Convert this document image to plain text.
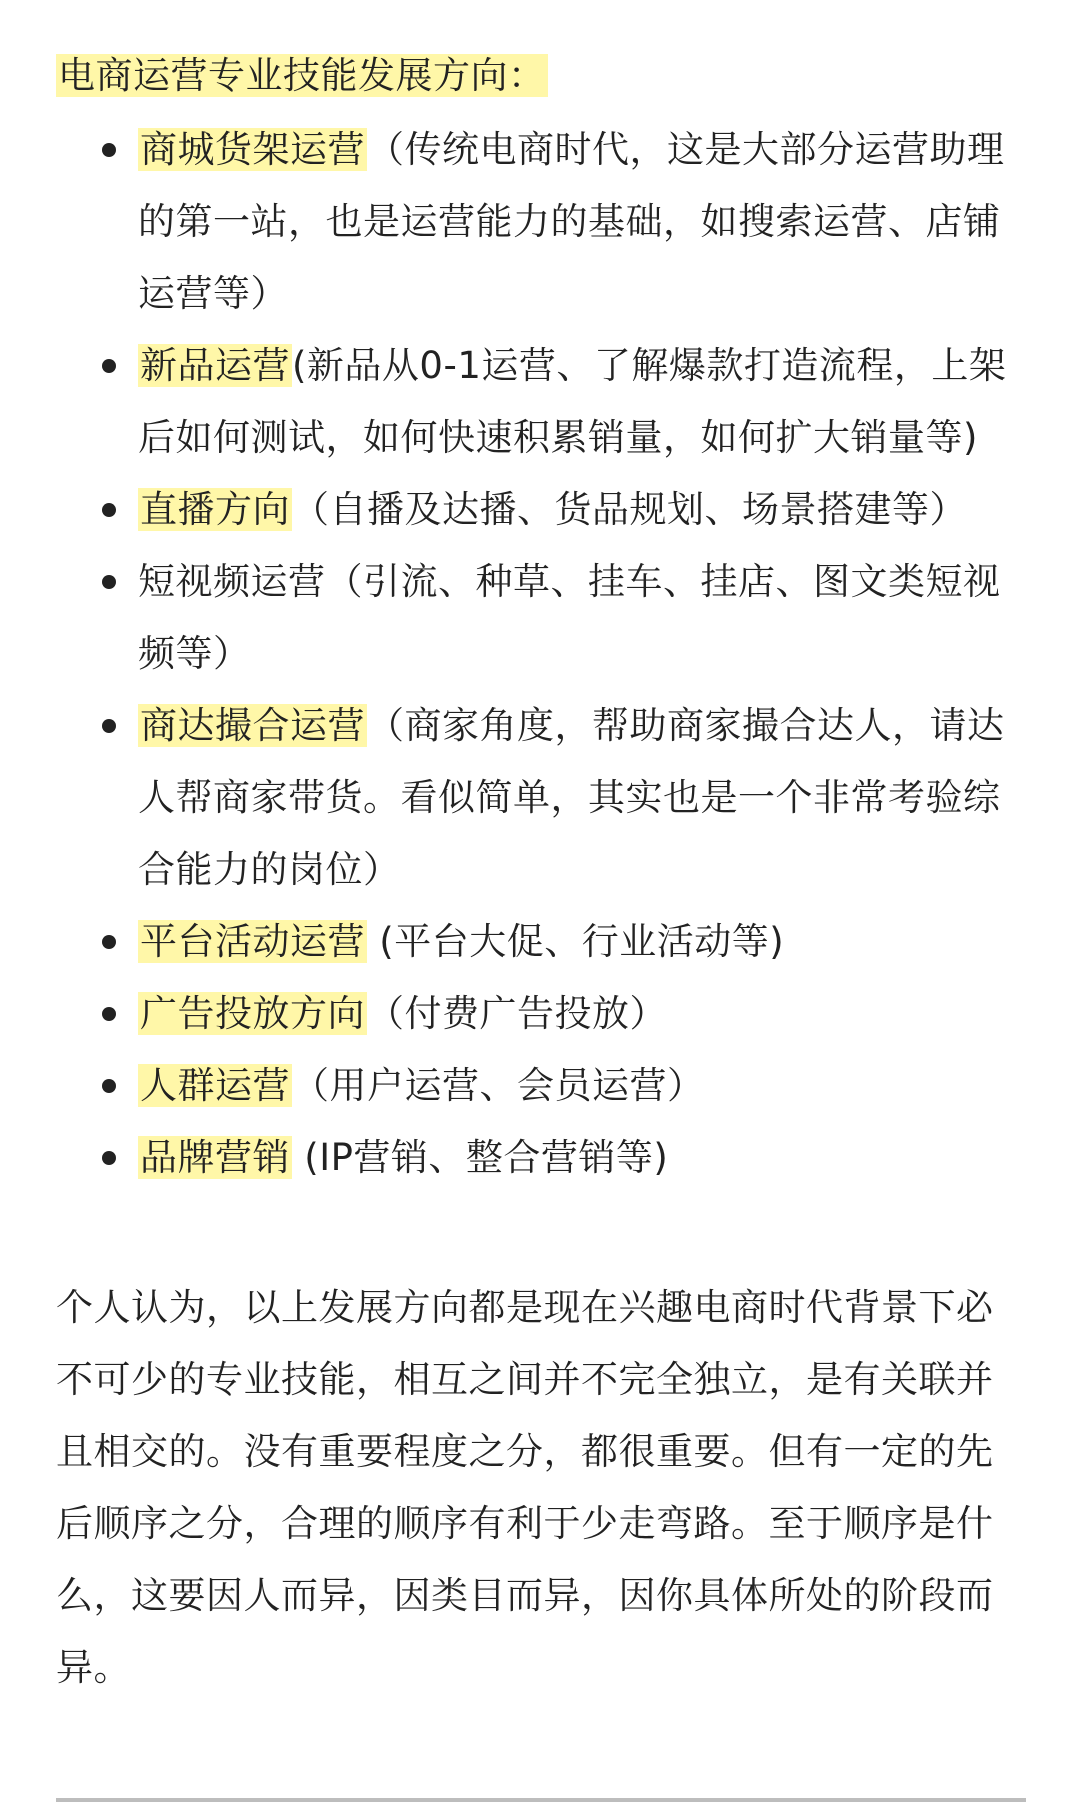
电商运营专业技能发展方向：

商城货架运营（传统电商时代，这是大部分运营助理的第一站，也是运营能力的基础，如搜索运营、店铺运营等）
新品运营(新品从0-1运营、了解爆款打造流程，上架后如何测试，如何快速积累销量，如何扩大销量等)
直播方向（自播及达播、货品规划、场景搭建等）
短视频运营（引流、种草、挂车、挂店、图文类短视频等）
商达撮合运营（商家角度，帮助商家撮合达人，请达人帮商家带货。看似简单，其实也是一个非常考验综合能力的岗位）
平台活动运营 (平台大促、行业活动等)
广告投放方向（付费广告投放）
人群运营（用户运营、会员运营）
品牌营销 (IP营销、整合营销等)

个人认为，以上发展方向都是现在兴趣电商时代背景下必不可少的专业技能，相互之间并不完全独立，是有关联并且相交的。没有重要程度之分，都很重要。但有一定的先后顺序之分，合理的顺序有利于少走弯路。至于顺序是什么，这要因人而异，因类目而异，因你具体所处的阶段而异。
